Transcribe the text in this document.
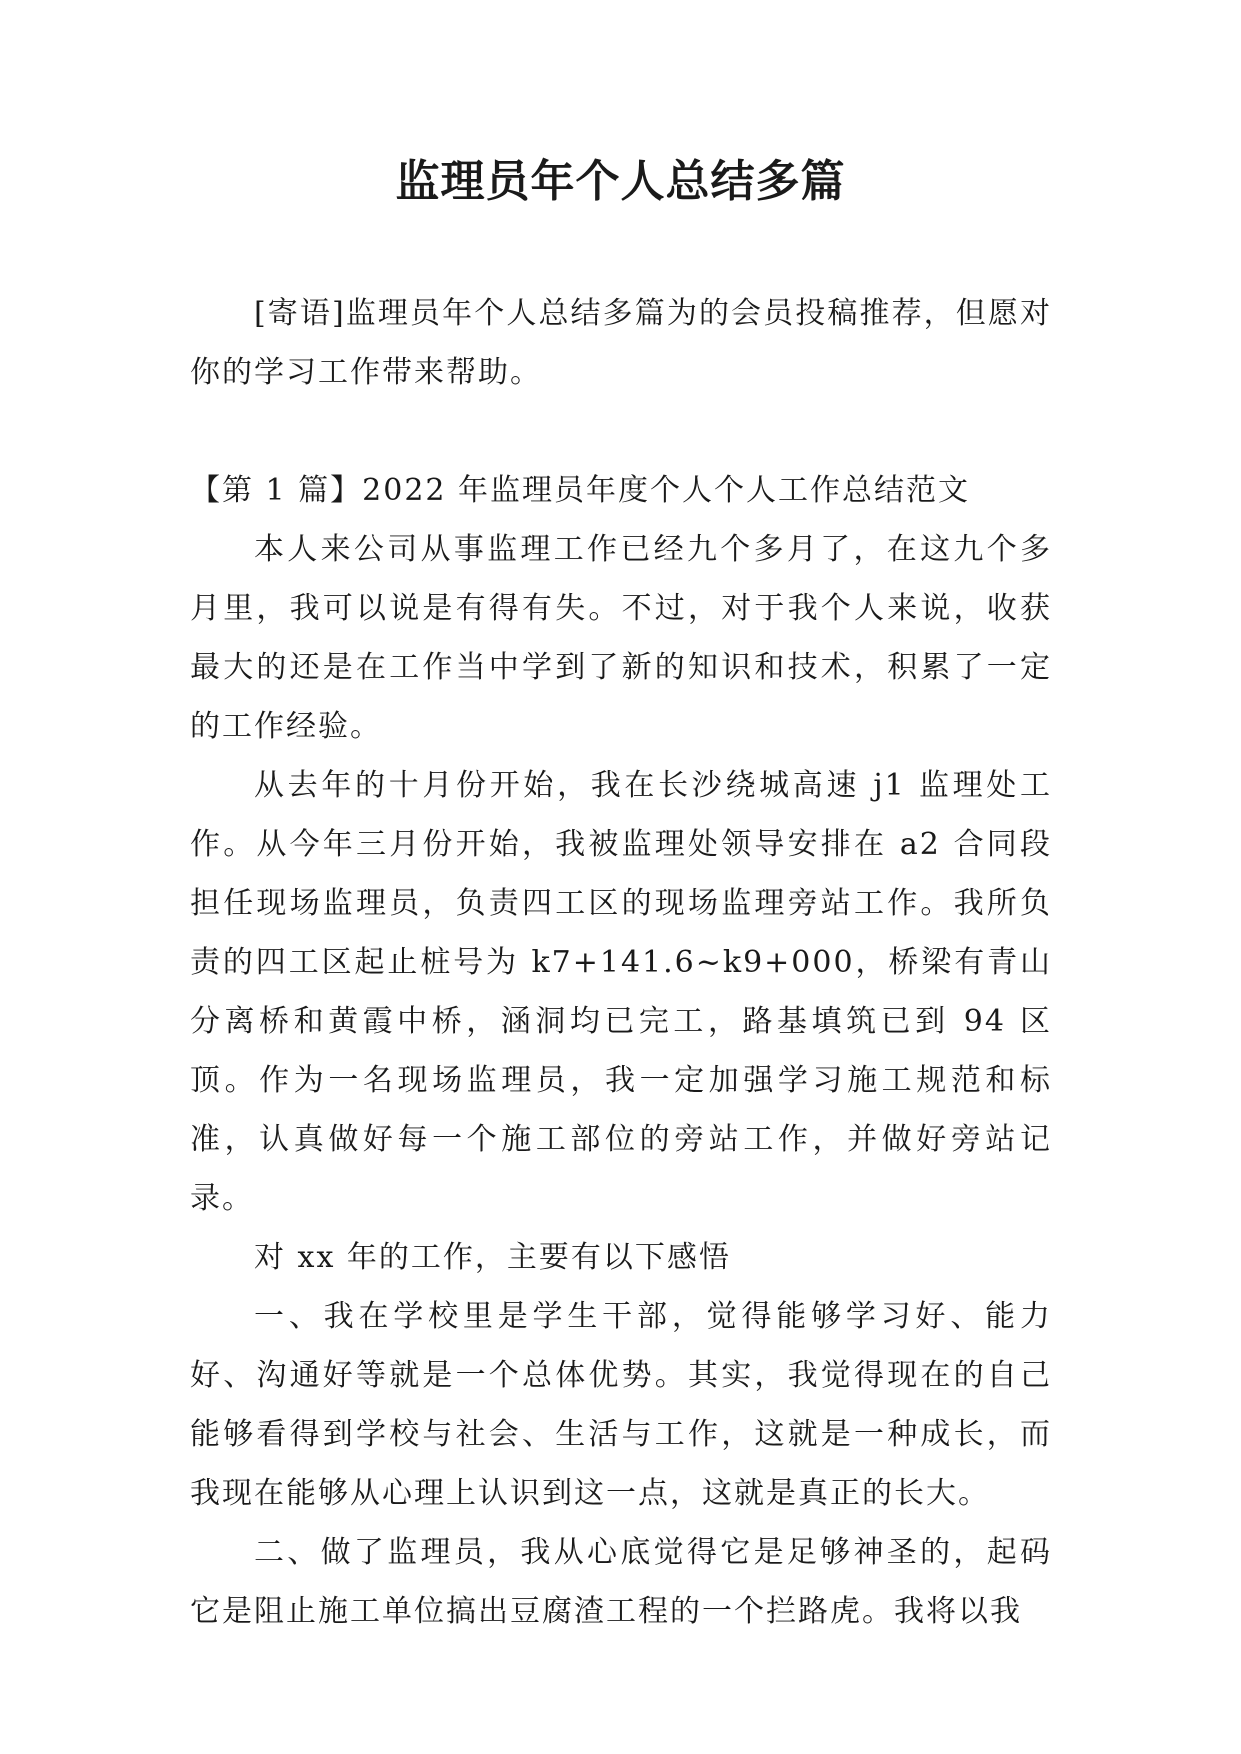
监理员年个人总结多篇

[寄语]监理员年个人总结多篇为的会员投稿推荐，但愿对你的学习工作带来帮助。

【第 1 篇】2022 年监理员年度个人个人工作总结范文

本人来公司从事监理工作已经九个多月了，在这九个多月里，我可以说是有得有失。不过，对于我个人来说，收获最大的还是在工作当中学到了新的知识和技术，积累了一定的工作经验。

从去年的十月份开始，我在长沙绕城高速 j1 监理处工作。从今年三月份开始，我被监理处领导安排在 a2 合同段担任现场监理员，负责四工区的现场监理旁站工作。我所负责的四工区起止桩号为 k7+141.6~k9+000，桥梁有青山分离桥和黄霞中桥，涵洞均已完工，路基填筑已到 94 区顶。作为一名现场监理员，我一定加强学习施工规范和标准，认真做好每一个施工部位的旁站工作，并做好旁站记录。

对 xx 年的工作，主要有以下感悟

一、我在学校里是学生干部，觉得能够学习好、能力好、沟通好等就是一个总体优势。其实，我觉得现在的自己能够看得到学校与社会、生活与工作，这就是一种成长，而我现在能够从心理上认识到这一点，这就是真正的长大。

二、做了监理员，我从心底觉得它是足够神圣的，起码它是阻止施工单位搞出豆腐渣工程的一个拦路虎。我将以我
